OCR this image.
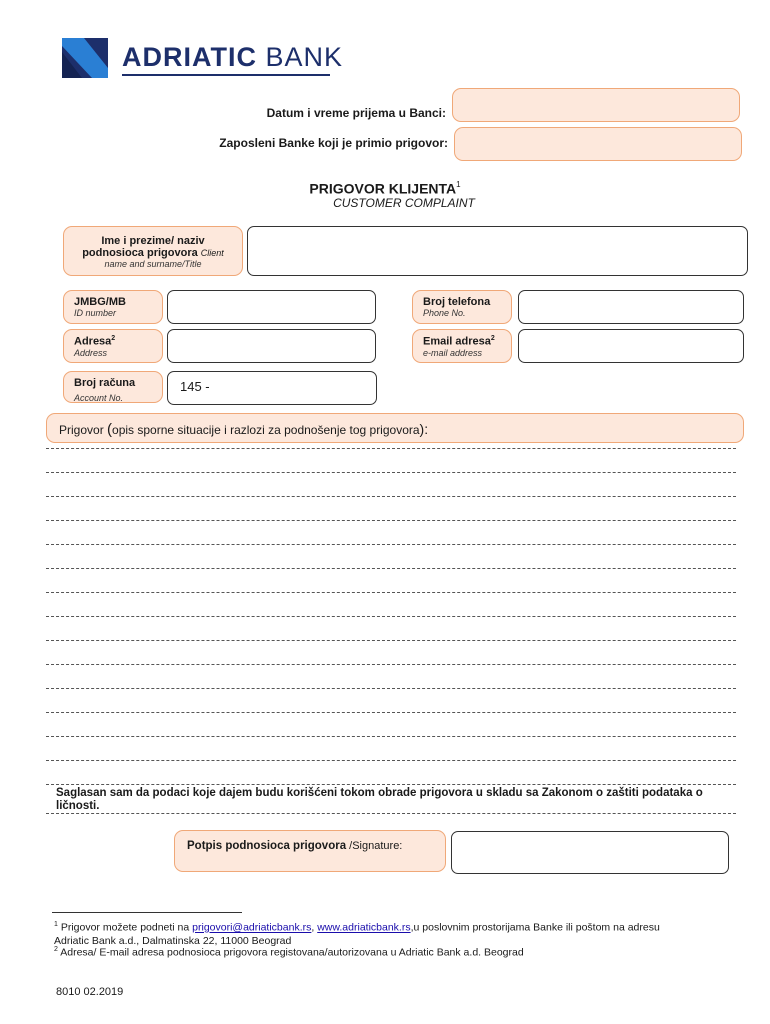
ADRIATIC BANK
Datum i vreme prijema u Banci:
Zaposleni Banke koji je primio prigovor:
PRIGOVOR KLIJENTA$^1$
CUSTOMER COMPLAINT
Ime i prezime/ naziv
podnosioca prigovora Client
name and surname/Title
JMBG/MB
ID number
Broj telefona
Phone No.
Adresa$^2$
Address
Email adresa$^2$
e-mail address
Broj računa
Account No.
145 -
Prigovor (opis sporne situacije i razlozi za podnošenje tog prigovora):
Saglasan sam da podaci koje dajem budu korišćeni tokom obrade prigovora u skladu sa Zakonom o zaštiti podataka o ličnosti.
Potpis podnosioca prigovora /Signature:
$^1$ Prigovor možete podneti na prigovori@adriaticbank.rs, www.adriaticbank.rs,u poslovnim prostorijama Banke ili poštom na adresu
Adriatic Bank a.d., Dalmatinska 22, 11000 Beograd
$^2$ Adresa/ E-mail adresa podnosioca prigovora registovana/autorizovana u Adriatic Bank a.d. Beograd
8010 02.2019
